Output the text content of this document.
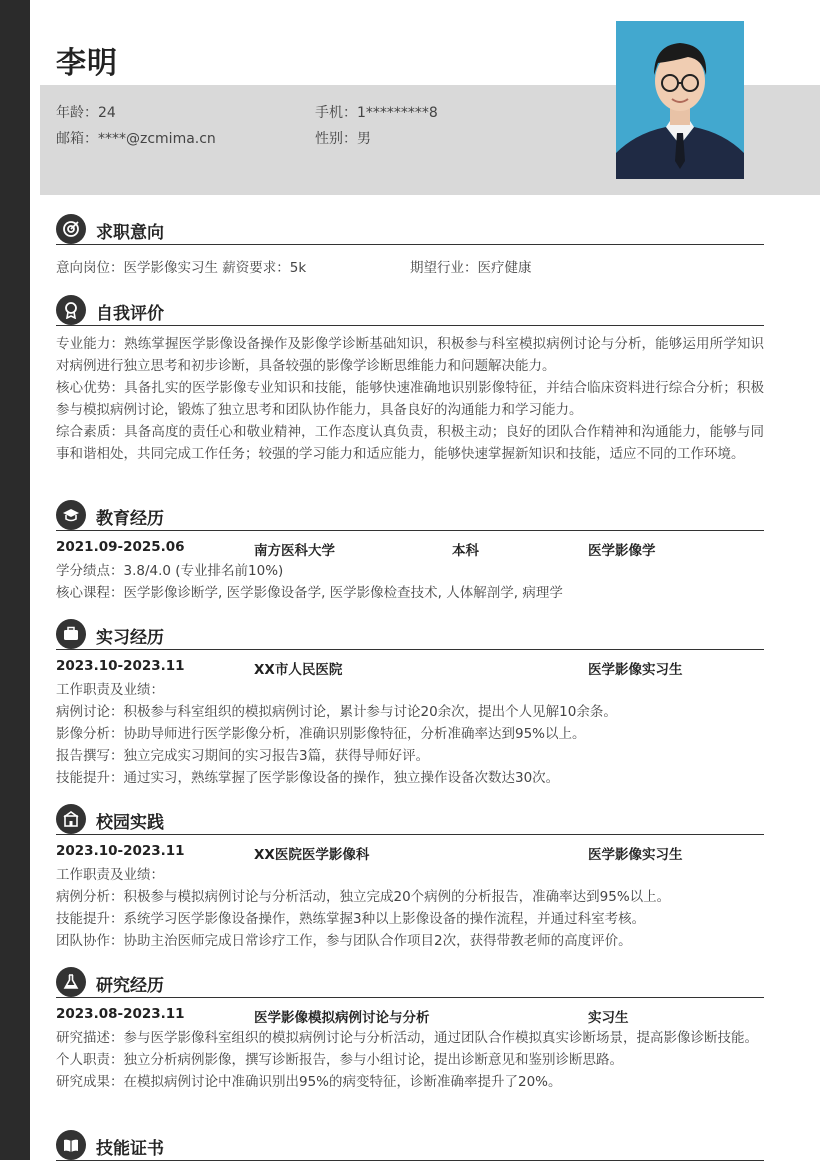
李明
年龄：24	手机：1*********8
邮箱：****@zcmima.cn	性别：男
求职意向
意向岗位：医学影像实习生 薪资要求：5k	期望行业：医疗健康
自我评价
专业能力：熟练掌握医学影像设备操作及影像学诊断基础知识，积极参与科室模拟病例讨论与分析，能够运用所学知识对病例进行独立思考和初步诊断，具备较强的影像学诊断思维能力和问题解决能力。
核心优势：具备扎实的医学影像专业知识和技能，能够快速准确地识别影像特征，并结合临床资料进行综合分析；积极参与模拟病例讨论，锻炼了独立思考和团队协作能力，具备良好的沟通能力和学习能力。
综合素质：具备高度的责任心和敬业精神，工作态度认真负责，积极主动；良好的团队合作精神和沟通能力，能够与同事和谐相处，共同完成工作任务；较强的学习能力和适应能力，能够快速掌握新知识和技能，适应不同的工作环境。
教育经历
2021.09-2025.06	南方医科大学	本科	医学影像学
学分绩点：3.8/4.0 (专业排名前10%)
核心课程：医学影像诊断学, 医学影像设备学, 医学影像检查技术, 人体解剖学, 病理学
实习经历
2023.10-2023.11	XX市人民医院	医学影像实习生
工作职责及业绩：
病例讨论：积极参与科室组织的模拟病例讨论，累计参与讨论20余次，提出个人见解10余条。
影像分析：协助导师进行医学影像分析，准确识别影像特征，分析准确率达到95%以上。
报告撰写：独立完成实习期间的实习报告3篇，获得导师好评。
技能提升：通过实习，熟练掌握了医学影像设备的操作，独立操作设备次数达30次。
校园实践
2023.10-2023.11	XX医院医学影像科	医学影像实习生
工作职责及业绩：
病例分析：积极参与模拟病例讨论与分析活动，独立完成20个病例的分析报告，准确率达到95%以上。
技能提升：系统学习医学影像设备操作，熟练掌握3种以上影像设备的操作流程，并通过科室考核。
团队协作：协助主治医师完成日常诊疗工作，参与团队合作项目2次，获得带教老师的高度评价。
研究经历
2023.08-2023.11	医学影像模拟病例讨论与分析	实习生
研究描述：参与医学影像科室组织的模拟病例讨论与分析活动，通过团队合作模拟真实诊断场景，提高影像诊断技能。
个人职责：独立分析病例影像，撰写诊断报告，参与小组讨论，提出诊断意见和鉴别诊断思路。
研究成果：在模拟病例讨论中准确识别出95%的病变特征，诊断准确率提升了20%。
技能证书
